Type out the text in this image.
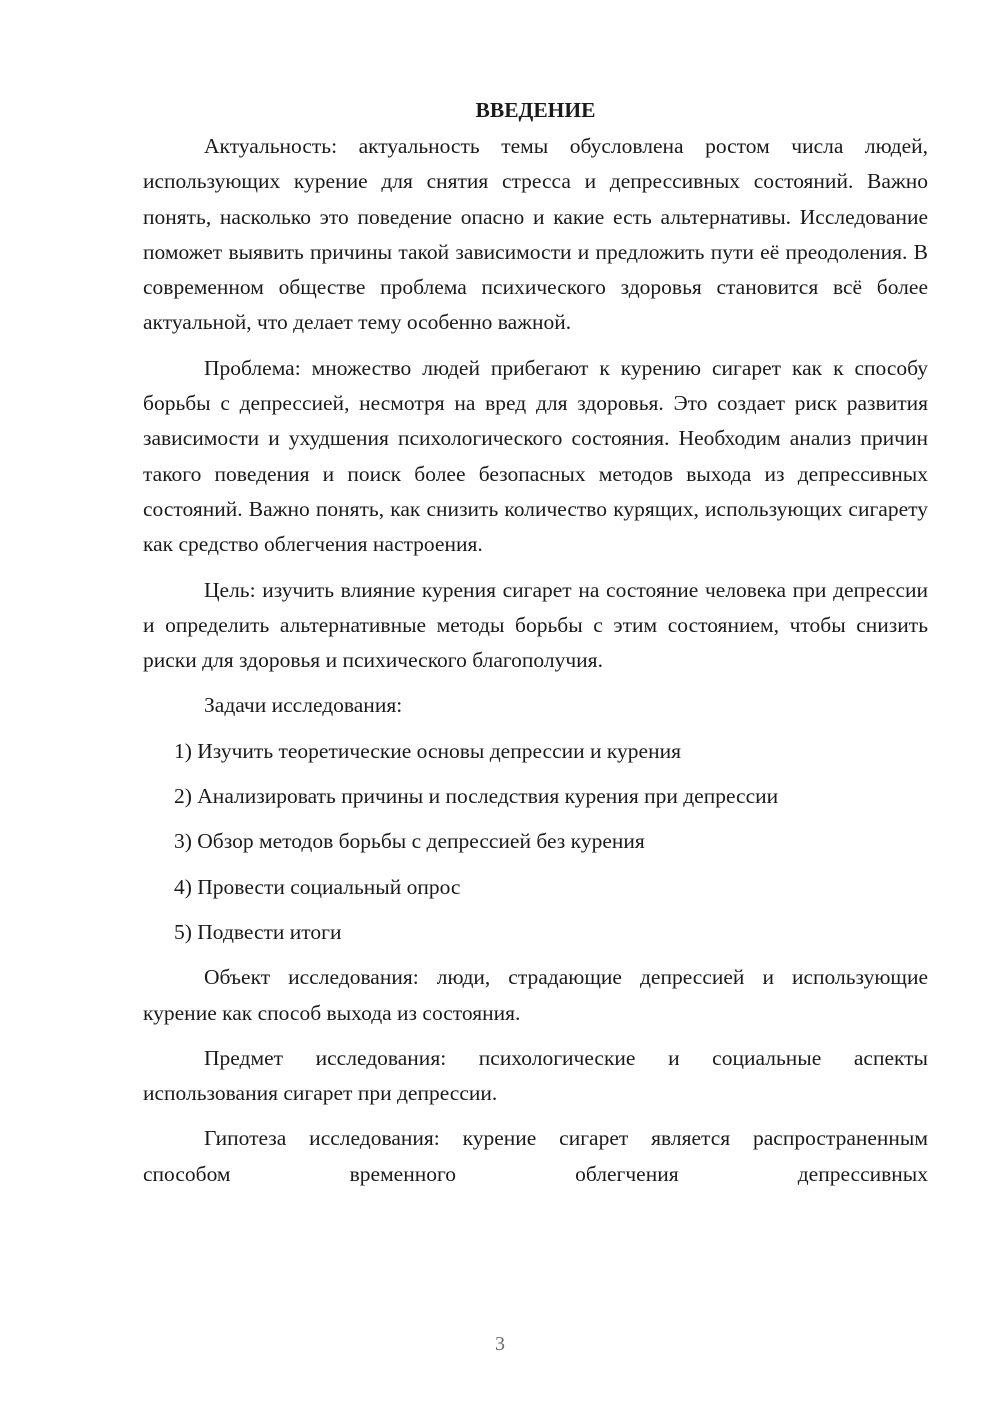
ВВЕДЕНИЕ

Актуальность: актуальность темы обусловлена ростом числа людей, использующих курение для снятия стресса и депрессивных состояний. Важно понять, насколько это поведение опасно и какие есть альтернативы. Исследование поможет выявить причины такой зависимости и предложить пути её преодоления. В современном обществе проблема психического здоровья становится всё более актуальной, что делает тему особенно важной.

Проблема: множество людей прибегают к курению сигарет как к способу борьбы с депрессией, несмотря на вред для здоровья. Это создает риск развития зависимости и ухудшения психологического состояния. Необходим анализ причин такого поведения и поиск более безопасных методов выхода из депрессивных состояний. Важно понять, как снизить количество курящих, использующих сигарету как средство облегчения настроения.

Цель: изучить влияние курения сигарет на состояние человека при депрессии и определить альтернативные методы борьбы с этим состоянием, чтобы снизить риски для здоровья и психического благополучия.

Задачи исследования:
1) Изучить теоретические основы депрессии и курения
2) Анализировать причины и последствия курения при депрессии
3) Обзор методов борьбы с депрессией без курения
4) Провести социальный опрос
5) Подвести итоги

Объект исследования: люди, страдающие депрессией и использующие курение как способ выхода из состояния.

Предмет исследования: психологические и социальные аспекты использования сигарет при депрессии.

Гипотеза исследования: курение сигарет является распространенным способом временного облегчения депрессивных

3
